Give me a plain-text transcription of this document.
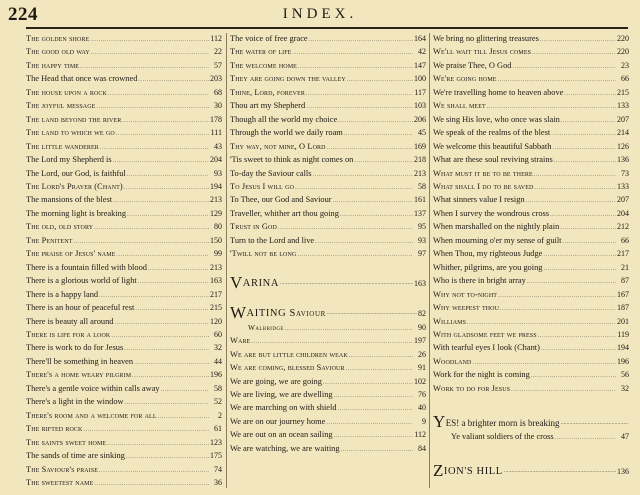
224	INDEX.
The golden shore .....	112
The good old way .....	22
The happy time .....	57
The Head that once was crowned .....	203
The house upon a rock .....	68
The joyful message .....	30
The land beyond the river .....	178
The land to which we go .....	111
The little wanderer .....	43
The Lord my Shepherd is .....	204
The Lord, our God, is faithful .....	93
The Lord's Prayer (Chant) .....	194
The mansions of the blest .....	213
The morning light is breaking .....	129
The old, old story .....	80
The Penitent .....	150
The praise of Jesus' name .....	99
There is a fountain filled with blood .....	213
There is a glorious world of light .....	163
There is a happy land .....	217
There is an hour of peaceful rest .....	215
There is beauty all around .....	120
There is life for a look .....	60
There is work to do for Jesus .....	32
There'll be something in heaven .....	44
There's a home weary pilgrim .....	196
There's a gentle voice within calls away .....	58
There's a light in the window .....	52
There's room and a welcome for all .....	2
The rifted rock .....	61
The saints sweet home .....	123
The sands of time are sinking .....	175
The Saviour's praise .....	74
The sweetest name .....	36
The voice of free grace .....	164
The water of life .....	42
The welcome home .....	147
They are going down the valley .....	100
Thine, Lord, forever .....	117
Thou art my Shepherd .....	103
Though all the world my choice .....	206
Through the world we daily roam .....	45
Thy way, not mine, O Lord .....	169
'Tis sweet to think as night comes on .....	218
To-day the Saviour calls .....	213
To Jesus I will go .....	58
To Thee, our God and Saviour .....	161
Traveller, whither art thou going .....	137
Trust in God .....	95
Turn to the Lord and live .....	93
'Twill not be long .....	97
V ARINA .....	163
W AITING Saviour .....	82
Walbridge .....	90
Ware .....	197
We are but little children weak .....	26
We are coming, blessed Saviour .....	91
We are going, we are going .....	102
We are living, we are dwelling .....	76
We are marching on with shield .....	40
We are on our journey home .....	9
We are out on an ocean sailing .....	112
We are watching, we are waiting .....	84
We bring no glittering treasures .....	220
We'll wait till Jesus comes .....	220
We praise Thee, O God .....	23
We're going home .....	66
We're travelling home to heaven above .....	215
We shall meet .....	133
We sing His love, who once was slain .....	207
We speak of the realms of the blest .....	214
We welcome this beautiful Sabbath .....	126
What are these soul reviving strains .....	136
What must it be to be there .....	73
What shall I do to be saved .....	133
What sinners value I resign .....	207
When I survey the wondrous cross .....	204
When marshalled on the nightly plain .....	212
When mourning o'er my sense of guilt .....	66
When Thou, my righteous Judge .....	217
Whither, pilgrims, are you going .....	21
Who is there in bright array .....	87
Why not to-night .....	167
Why weepest thou .....	187
Williams .....	201
With gladsome feet we press .....	119
With tearful eyes I look (Chant) .....	194
Woodland .....	196
Work for the night is coming .....	56
Work to do for Jesus .....	32
Y ES! a brighter morn is breaking
.....
Ye valiant soldiers of the cross .....	47
Z ION'S HILL .....	136
